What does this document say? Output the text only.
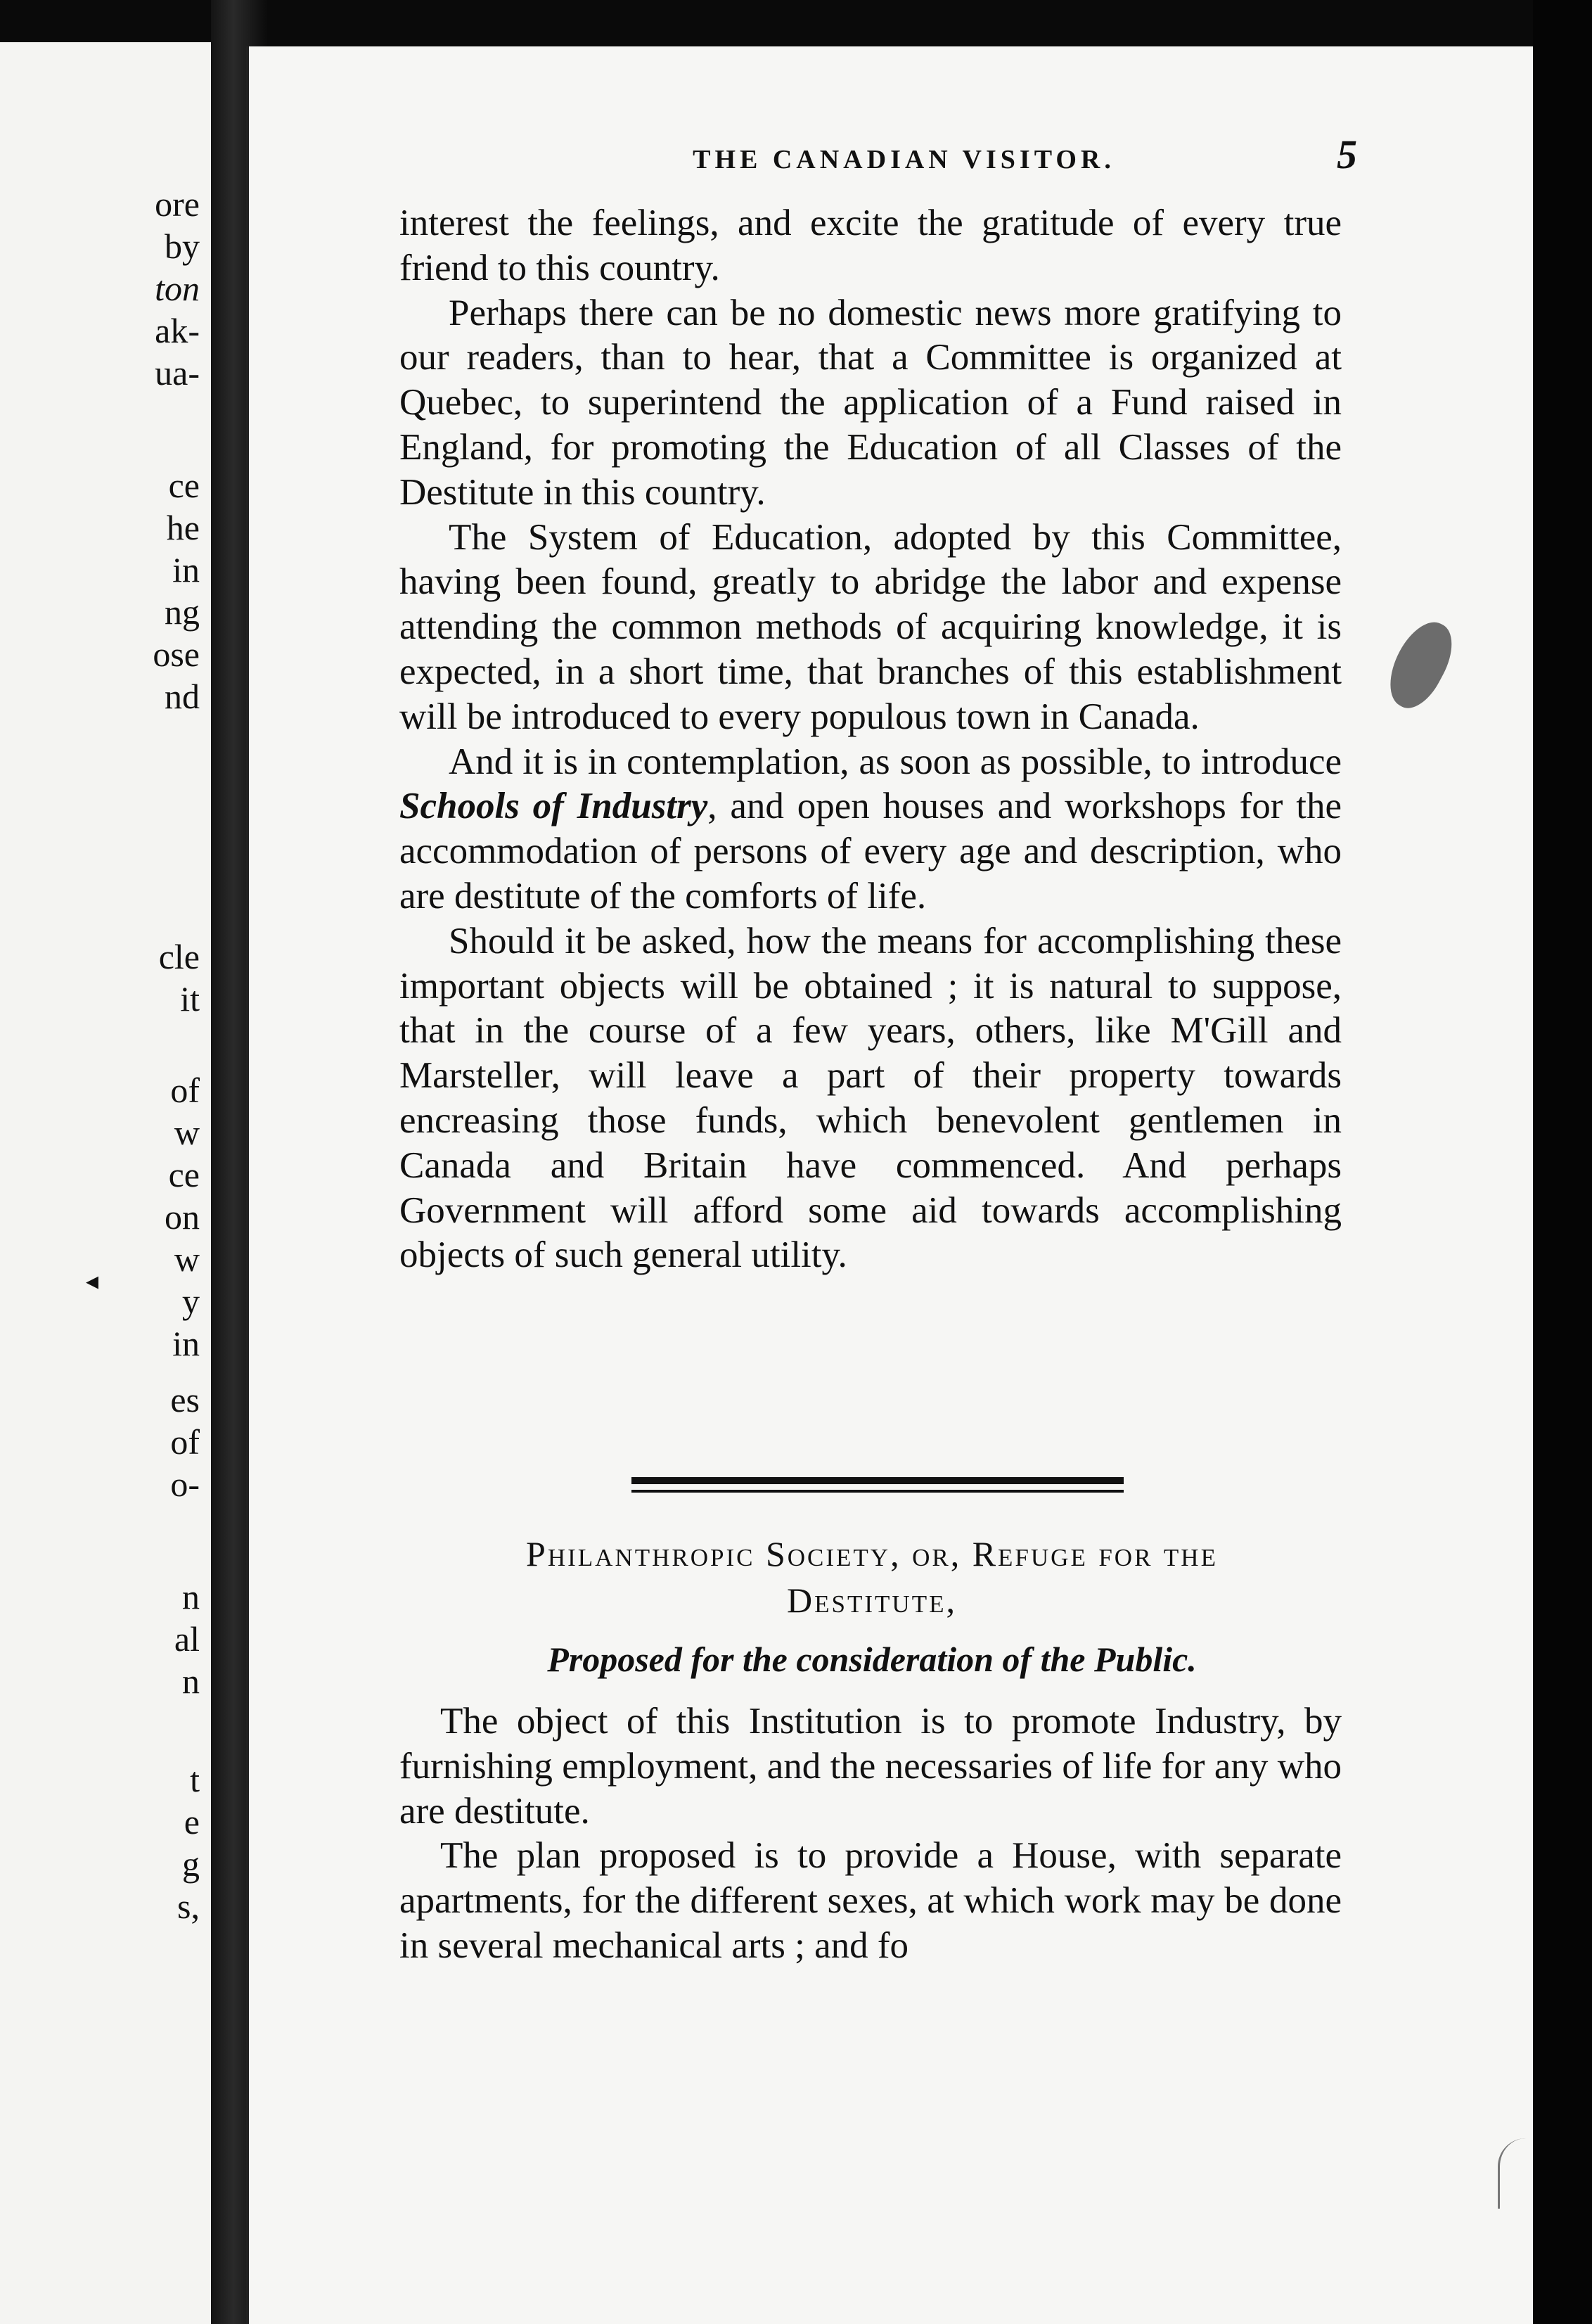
ore
by
ton
ak-
ua-
ce
he
in
ng
ose
nd
cle
it
of
w
ce
on
w
y
in
es
of
o-
n
al
n
t
e
g
s,
THE CANADIAN VISITOR.	5

interest the feelings, and excite the gratitude of every true friend to this country.

Perhaps there can be no domestic news more gratifying to our readers, than to hear, that a Committee is organized at Quebec, to superintend the application of a Fund raised in England, for promoting the Education of all Classes of the Destitute in this country.

The System of Education, adopted by this Committee, having been found, greatly to abridge the labor and expense attending the common methods of acquiring knowledge, it is expected, in a short time, that branches of this establishment will be introduced to every populous town in Canada.

And it is in contemplation, as soon as possible, to introduce Schools of Industry, and open houses and workshops for the accommodation of persons of every age and description, who are destitute of the comforts of life.

Should it be asked, how the means for accomplishing these important objects will be obtained ; it is natural to suppose, that in the course of a few years, others, like M'Gill and Marsteller, will leave a part of their property towards encreasing those funds, which benevolent gentlemen in Canada and Britain have commenced. And perhaps Government will afford some aid towards accomplishing objects of such general utility.

Philanthropic Society, or, Refuge for the
Destitute,
Proposed for the consideration of the Public.

The object of this Institution is to promote Industry, by furnishing employment, and the necessaries of life for any who are destitute.

The plan proposed is to provide a House, with separate apartments, for the different sexes, at which work may be done in several mechanical arts ; and fo

◂
